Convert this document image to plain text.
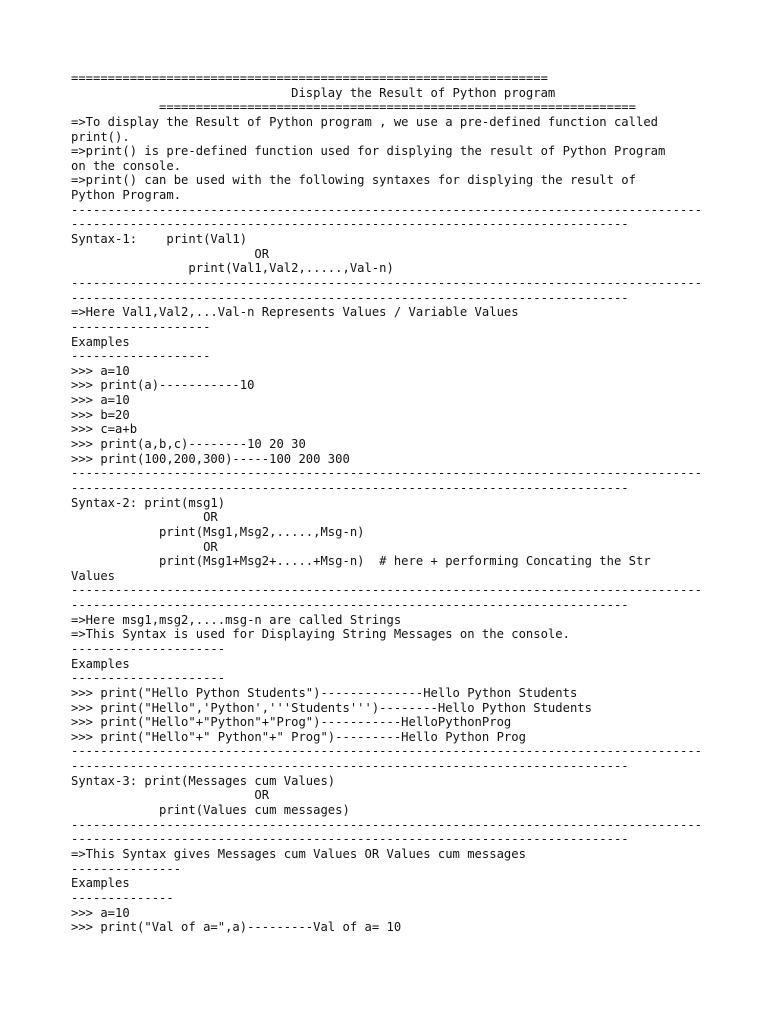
=================================================================
Display the Result of Python program
=================================================================
=>To display the Result of Python program , we use a pre-defined function called
print().
=>print() is pre-defined function used for displying the result of Python Program
on the console.
=>print() can be used with the following syntaxes for displying the result of
Python Program.
--------------------------------------------------------------------------------------
----------------------------------------------------------------------------
Syntax-1:    print(Val1)
OR
print(Val1,Val2,.....,Val-n)
--------------------------------------------------------------------------------------
----------------------------------------------------------------------------
=>Here Val1,Val2,...Val-n Represents Values / Variable Values
-------------------
Examples
-------------------
>>> a=10
>>> print(a)-----------10
>>> a=10
>>> b=20
>>> c=a+b
>>> print(a,b,c)--------10 20 30
>>> print(100,200,300)-----100 200 300
--------------------------------------------------------------------------------------
----------------------------------------------------------------------------
Syntax-2: print(msg1)
OR
print(Msg1,Msg2,.....,Msg-n)
OR
print(Msg1+Msg2+.....+Msg-n)  # here + performing Concating the Str
Values
--------------------------------------------------------------------------------------
----------------------------------------------------------------------------
=>Here msg1,msg2,....msg-n are called Strings
=>This Syntax is used for Displaying String Messages on the console.
---------------------
Examples
---------------------
>>> print("Hello Python Students")--------------Hello Python Students
>>> print("Hello",'Python','''Students''')--------Hello Python Students
>>> print("Hello"+"Python"+"Prog")-----------HelloPythonProg
>>> print("Hello"+" Python"+" Prog")---------Hello Python Prog
--------------------------------------------------------------------------------------
----------------------------------------------------------------------------
Syntax-3: print(Messages cum Values)
OR
print(Values cum messages)
--------------------------------------------------------------------------------------
----------------------------------------------------------------------------
=>This Syntax gives Messages cum Values OR Values cum messages
---------------
Examples
--------------
>>> a=10
>>> print("Val of a=",a)---------Val of a= 10
